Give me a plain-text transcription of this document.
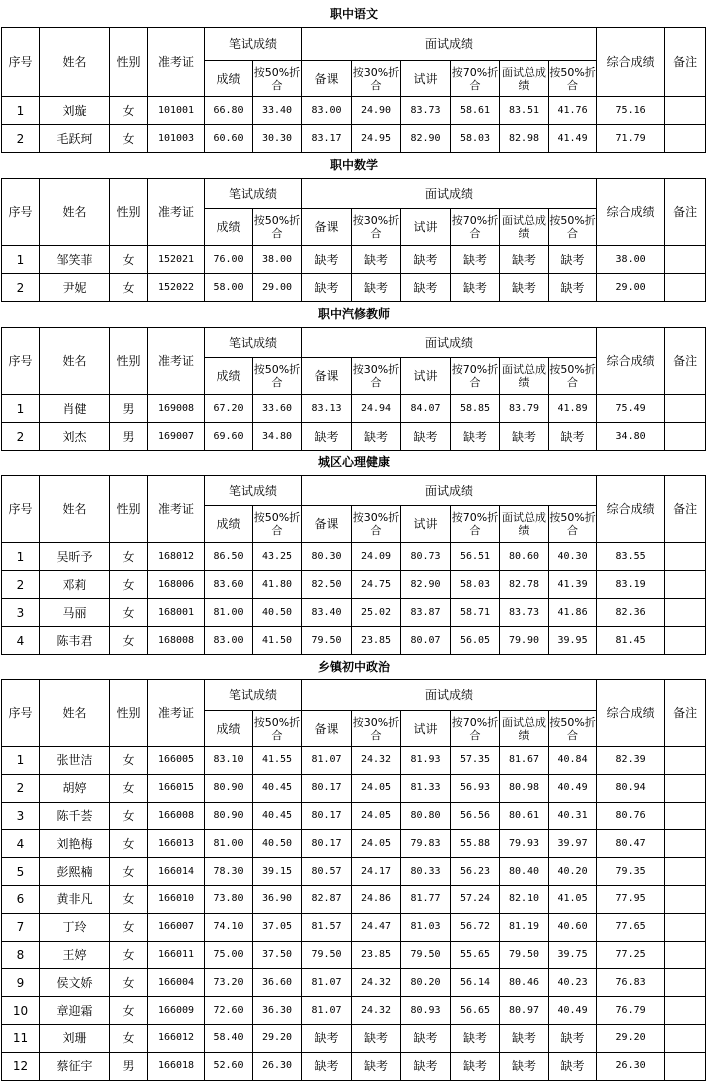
职中语文
序号	姓名	性别	准考证	笔试成绩		面试成绩						综合成绩	备注
				成绩	按50%折合	备课	按30%折合	试讲	按70%折合	面试总成绩	按50%折合		
1	刘璇	女	101001	66.80	33.40	83.00	24.90	83.73	58.61	83.51	41.76	75.16	
2	毛跃珂	女	101003	60.60	30.30	83.17	24.95	82.90	58.03	82.98	41.49	71.79	
职中数学
序号	姓名	性别	准考证	笔试成绩		面试成绩						综合成绩	备注
				成绩	按50%折合	备课	按30%折合	试讲	按70%折合	面试总成绩	按50%折合		
1	邹笑菲	女	152021	76.00	38.00	缺考	缺考	缺考	缺考	缺考	缺考	38.00	
2	尹妮	女	152022	58.00	29.00	缺考	缺考	缺考	缺考	缺考	缺考	29.00	
职中汽修教师
序号	姓名	性别	准考证	笔试成绩		面试成绩						综合成绩	备注
				成绩	按50%折合	备课	按30%折合	试讲	按70%折合	面试总成绩	按50%折合		
1	肖健	男	169008	67.20	33.60	83.13	24.94	84.07	58.85	83.79	41.89	75.49	
2	刘杰	男	169007	69.60	34.80	缺考	缺考	缺考	缺考	缺考	缺考	34.80	
城区心理健康
序号	姓名	性别	准考证	笔试成绩		面试成绩						综合成绩	备注
				成绩	按50%折合	备课	按30%折合	试讲	按70%折合	面试总成绩	按50%折合		
1	吴昕予	女	168012	86.50	43.25	80.30	24.09	80.73	56.51	80.60	40.30	83.55	
2	邓莉	女	168006	83.60	41.80	82.50	24.75	82.90	58.03	82.78	41.39	83.19	
3	马丽	女	168001	81.00	40.50	83.40	25.02	83.87	58.71	83.73	41.86	82.36	
4	陈韦君	女	168008	83.00	41.50	79.50	23.85	80.07	56.05	79.90	39.95	81.45	
乡镇初中政治
序号	姓名	性别	准考证	笔试成绩		面试成绩						综合成绩	备注
				成绩	按50%折合	备课	按30%折合	试讲	按70%折合	面试总成绩	按50%折合		
1	张世洁	女	166005	83.10	41.55	81.07	24.32	81.93	57.35	81.67	40.84	82.39	
2	胡婷	女	166015	80.90	40.45	80.17	24.05	81.33	56.93	80.98	40.49	80.94	
3	陈千荟	女	166008	80.90	40.45	80.17	24.05	80.80	56.56	80.61	40.31	80.76	
4	刘艳梅	女	166013	81.00	40.50	80.17	24.05	79.83	55.88	79.93	39.97	80.47	
5	彭熙楠	女	166014	78.30	39.15	80.57	24.17	80.33	56.23	80.40	40.20	79.35	
6	黄非凡	女	166010	73.80	36.90	82.87	24.86	81.77	57.24	82.10	41.05	77.95	
7	丁玲	女	166007	74.10	37.05	81.57	24.47	81.03	56.72	81.19	40.60	77.65	
8	王婷	女	166011	75.00	37.50	79.50	23.85	79.50	55.65	79.50	39.75	77.25	
9	侯文娇	女	166004	73.20	36.60	81.07	24.32	80.20	56.14	80.46	40.23	76.83	
10	章迎霜	女	166009	72.60	36.30	81.07	24.32	80.93	56.65	80.97	40.49	76.79	
11	刘珊	女	166012	58.40	29.20	缺考	缺考	缺考	缺考	缺考	缺考	29.20	
12	蔡征宇	男	166018	52.60	26.30	缺考	缺考	缺考	缺考	缺考	缺考	26.30	
